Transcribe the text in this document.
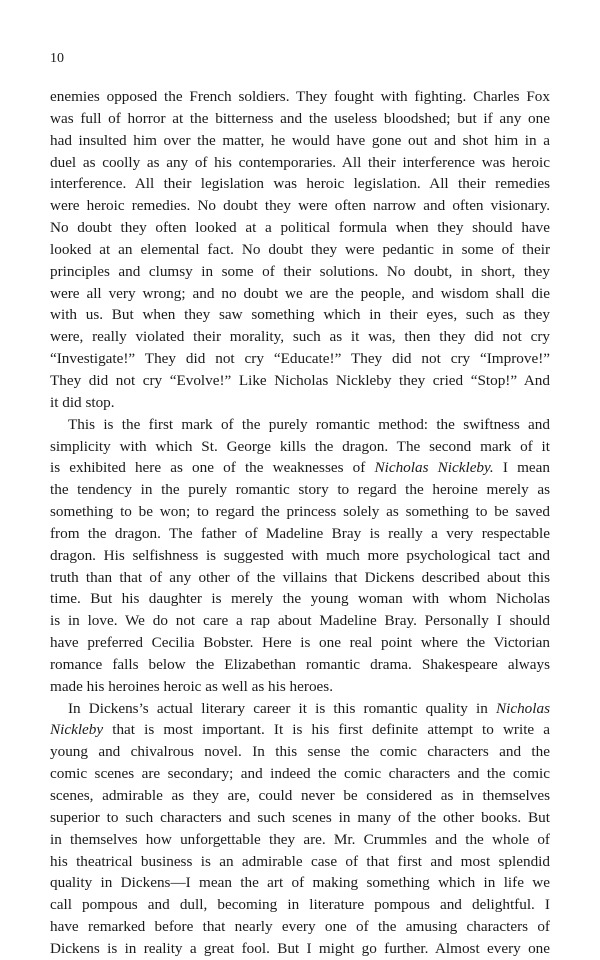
10
enemies opposed the French soldiers. They fought with fighting. Charles Fox
was full of horror at the bitterness and the useless bloodshed; but if any one
had insulted him over the matter, he would have gone out and shot him in a
duel as coolly as any of his contemporaries. All their interference was heroic
interference. All their legislation was heroic legislation. All their remedies
were heroic remedies. No doubt they were often narrow and often visionary.
No doubt they often looked at a political formula when they should have
looked at an elemental fact. No doubt they were pedantic in some of their
principles and clumsy in some of their solutions. No doubt, in short, they
were all very wrong; and no doubt we are the people, and wisdom shall die
with us. But when they saw something which in their eyes, such as they
were, really violated their morality, such as it was, then they did not cry
“Investigate!” They did not cry “Educate!” They did not cry “Improve!”
They did not cry “Evolve!” Like Nicholas Nickleby they cried “Stop!” And
it did stop.
This is the first mark of the purely romantic method: the swiftness and
simplicity with which St. George kills the dragon. The second mark of it
is exhibited here as one of the weaknesses of Nicholas Nickleby. I mean
the tendency in the purely romantic story to regard the heroine merely as
something to be won; to regard the princess solely as something to be saved
from the dragon. The father of Madeline Bray is really a very respectable
dragon. His selfishness is suggested with much more psychological tact and
truth than that of any other of the villains that Dickens described about this
time. But his daughter is merely the young woman with whom Nicholas
is in love. We do not care a rap about Madeline Bray. Personally I should
have preferred Cecilia Bobster. Here is one real point where the Victorian
romance falls below the Elizabethan romantic drama. Shakespeare always
made his heroines heroic as well as his heroes.
In Dickens’s actual literary career it is this romantic quality in Nicholas
Nickleby that is most important. It is his first definite attempt to write a
young and chivalrous novel. In this sense the comic characters and the
comic scenes are secondary; and indeed the comic characters and the comic
scenes, admirable as they are, could never be considered as in themselves
superior to such characters and such scenes in many of the other books. But
in themselves how unforgettable they are. Mr. Crummles and the whole of
his theatrical business is an admirable case of that first and most splendid
quality in Dickens—I mean the art of making something which in life we
call pompous and dull, becoming in literature pompous and delightful. I
have remarked before that nearly every one of the amusing characters of
Dickens is in reality a great fool. But I might go further. Almost every one
